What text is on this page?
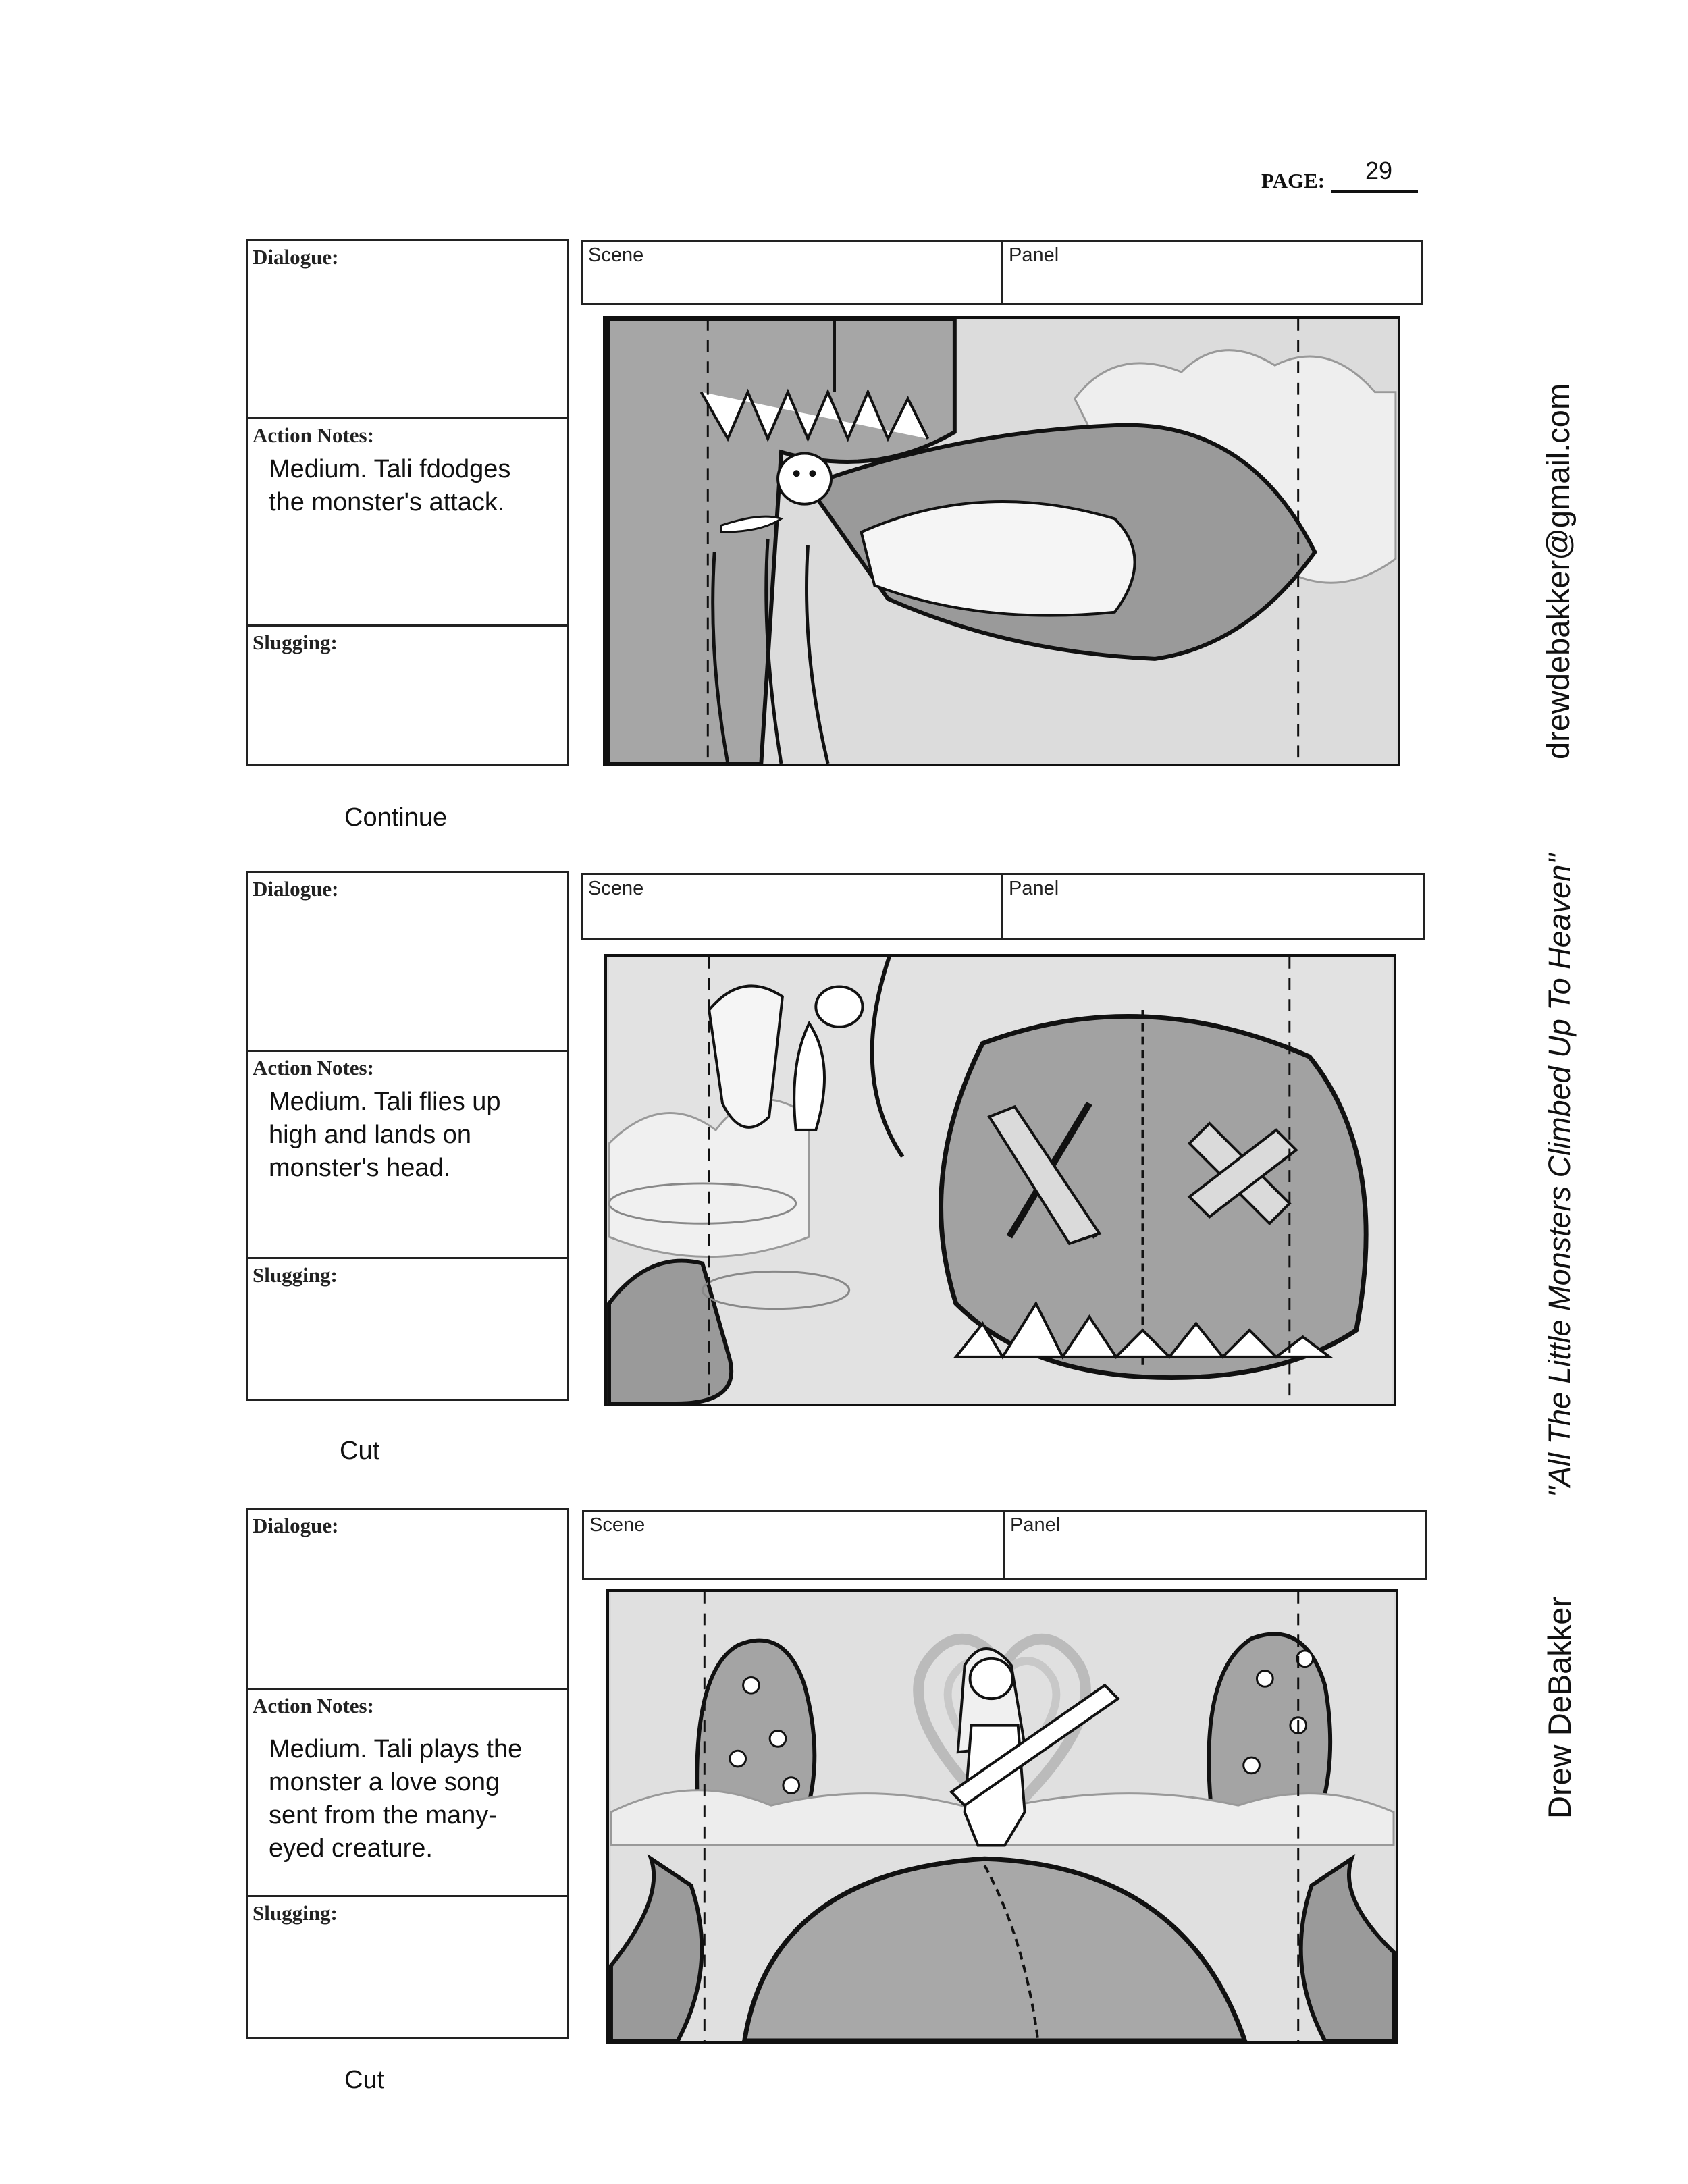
PAGE: 29
Dialogue:
Action Notes:
Medium. Tali fdodges
the monster's attack.
Slugging:
Scene	Panel
Continue
Dialogue:
Action Notes:
Medium. Tali flies up
high and lands on
monster's head.
Slugging:
Scene	Panel
Cut
Dialogue:
Action Notes:
Medium. Tali plays the
monster a love song
sent from the many-
eyed creature.
Slugging:
Scene	Panel
Cut
drewdebakker@gmail.com
"All The Little Monsters Climbed Up To Heaven"
Drew DeBakker
